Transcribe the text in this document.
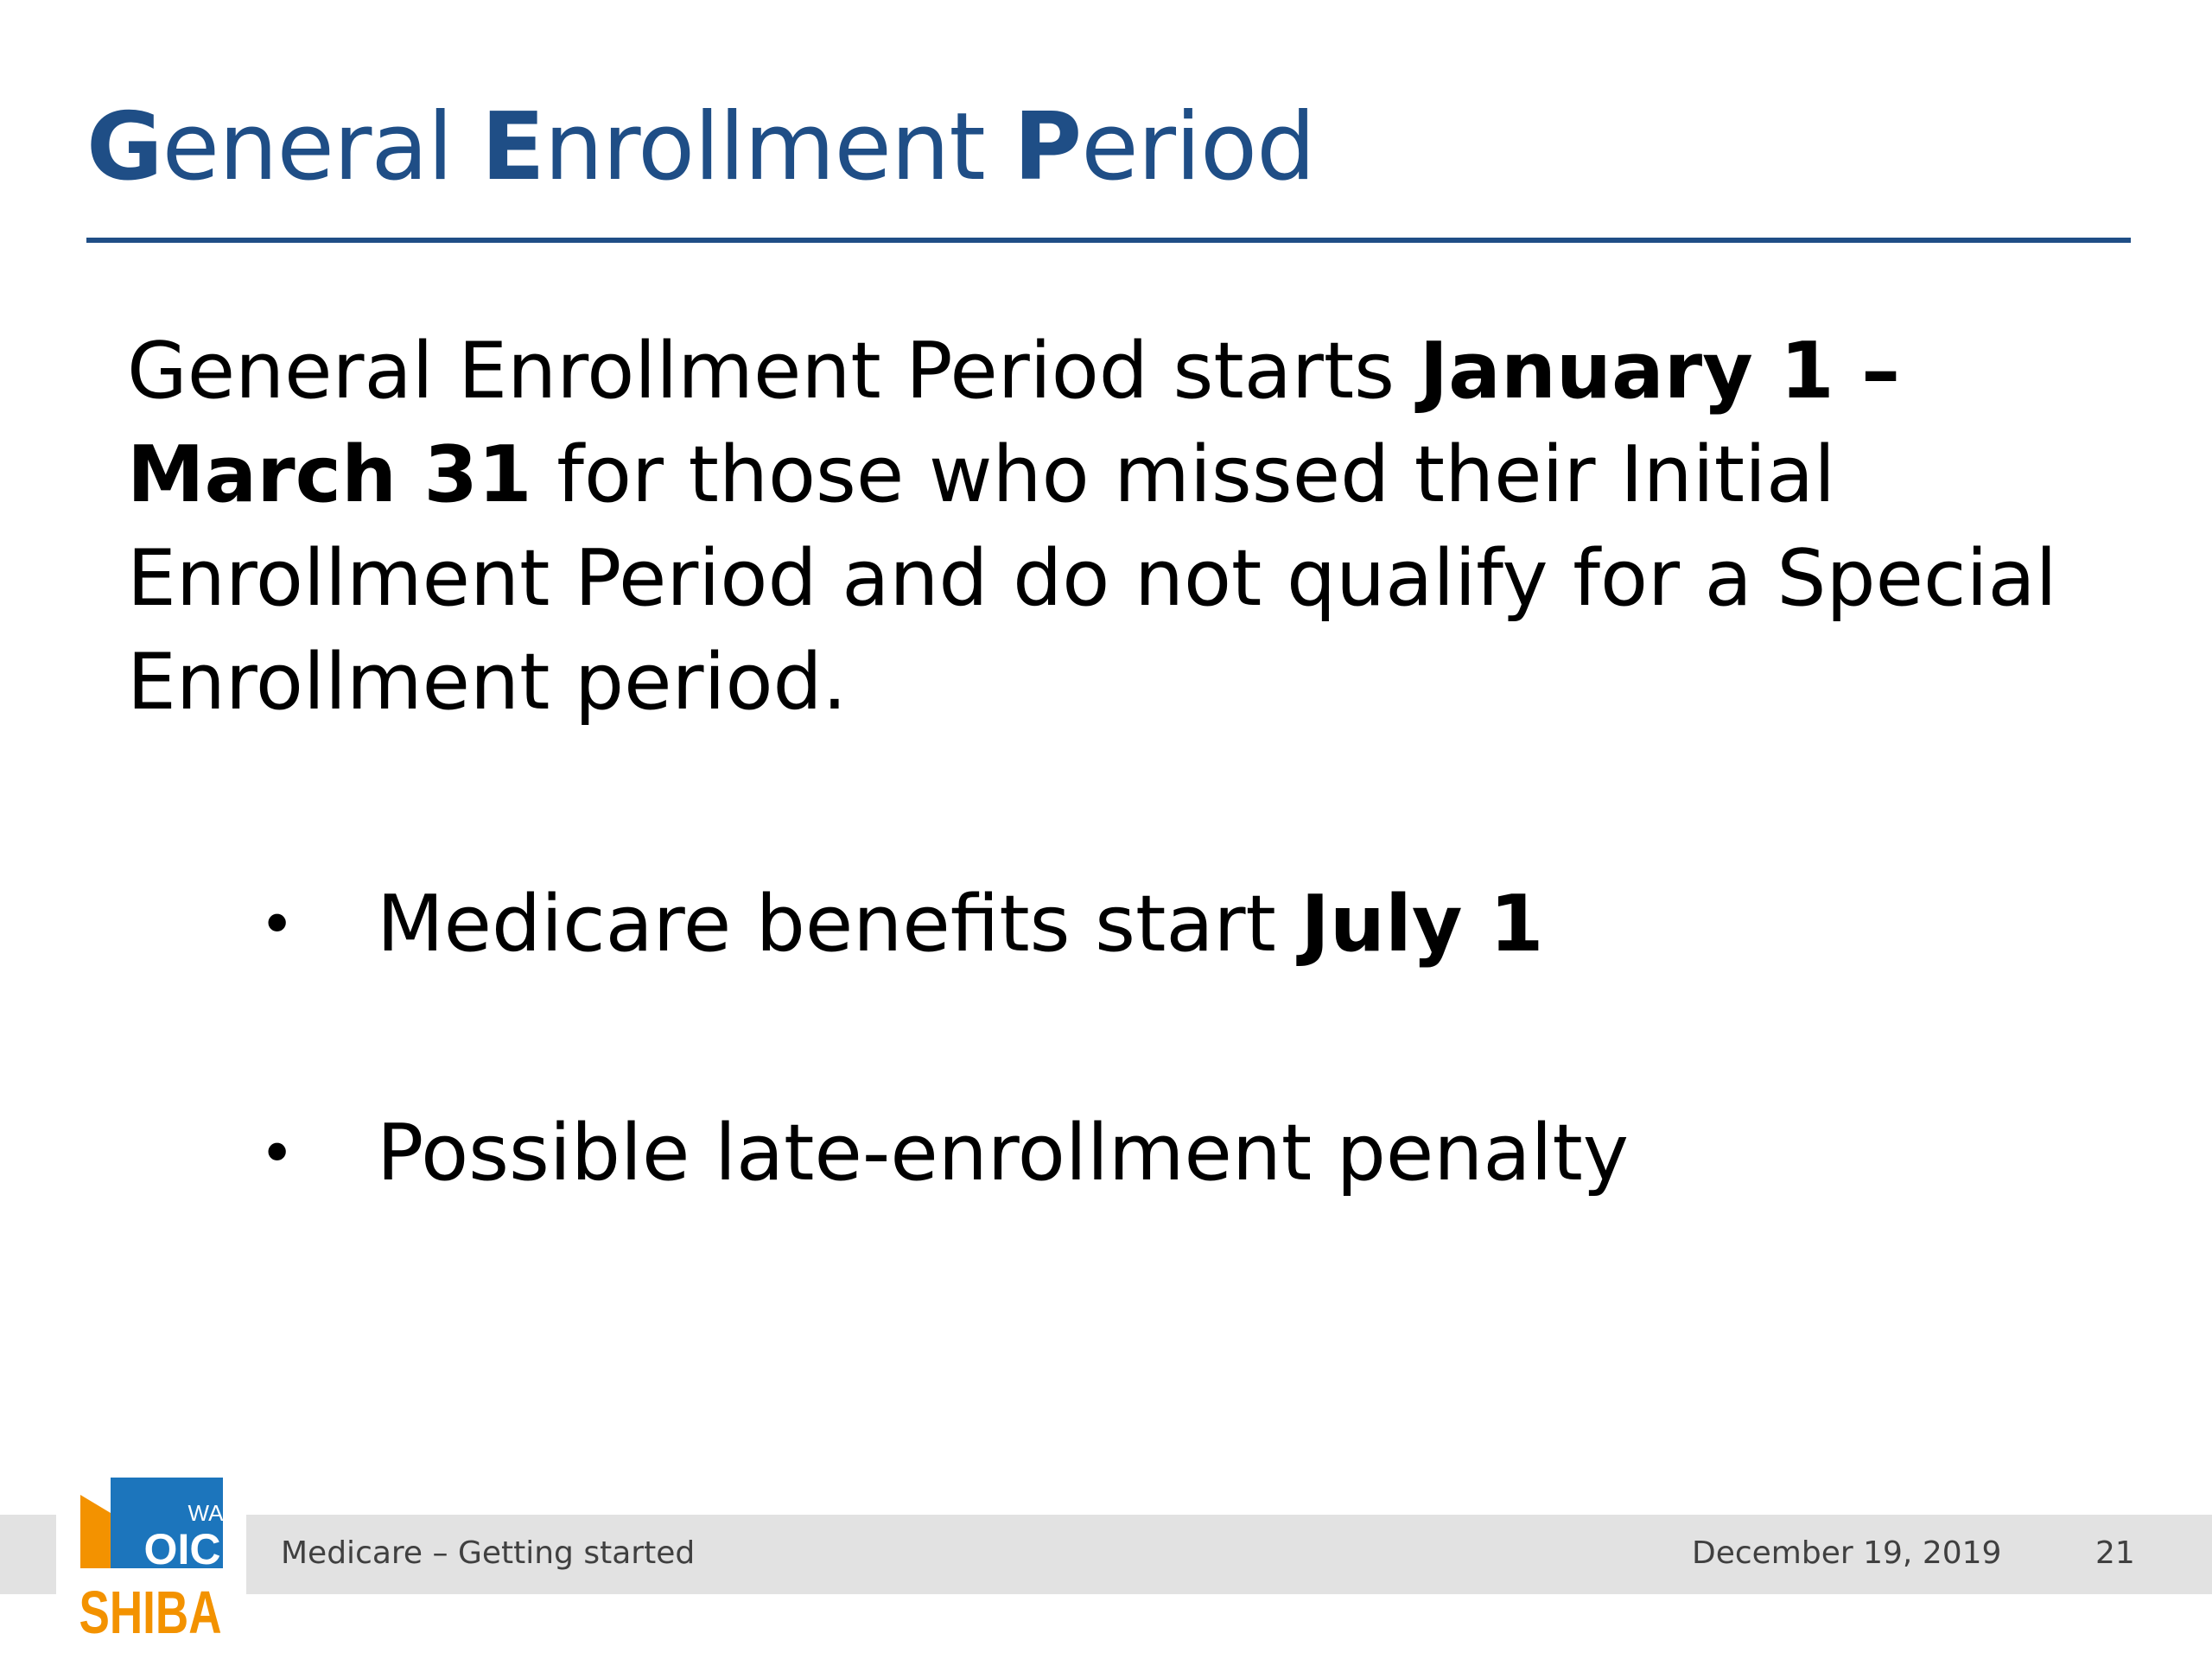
General Enrollment Period
General Enrollment Period starts January 1 – March 31 for those who missed their Initial Enrollment Period and do not qualify for a Special Enrollment period.
• Medicare benefits start July 1
• Possible late-enrollment penalty
WA
OIC
SHIBA
Medicare – Getting started	December 19, 2019	21
